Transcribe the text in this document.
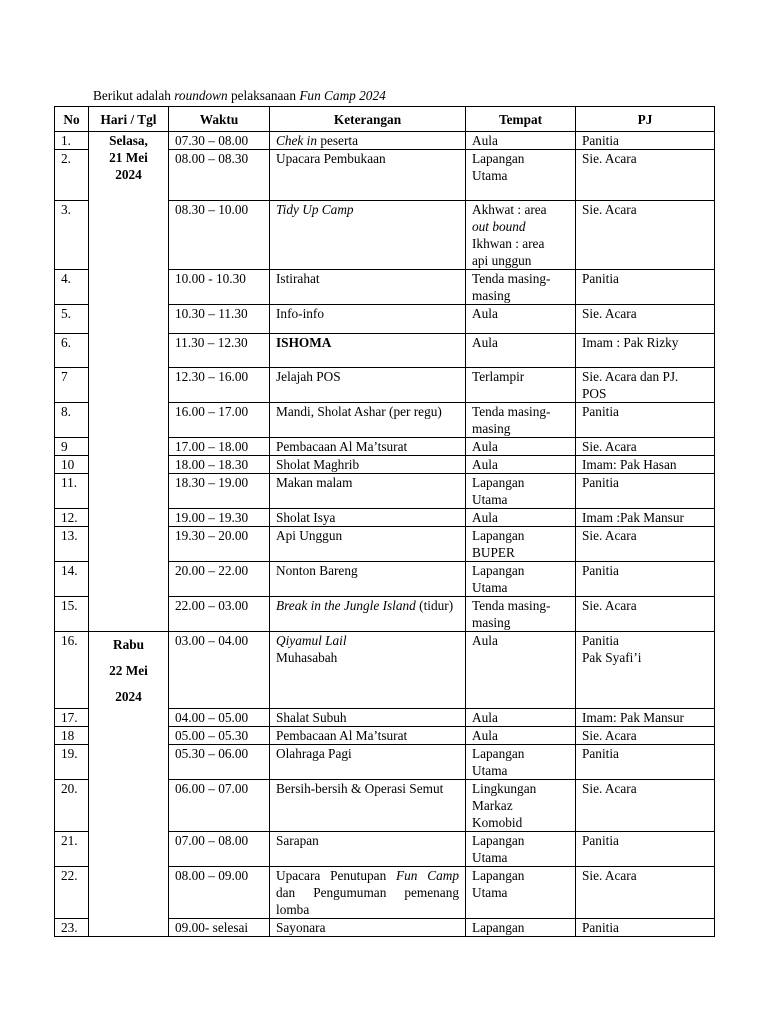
Berikut adalah roundown pelaksanaan Fun Camp 2024
No	Hari / Tgl	Waktu	Keterangan	Tempat	PJ
1.	Selasa,
21 Mei
2024	07.30 – 08.00	Chek in peserta	Aula	Panitia
2.		08.00 – 08.30	Upacara Pembukaan	Lapangan
Utama	Sie. Acara
3.		08.30 – 10.00	Tidy Up Camp	Akhwat : area
out bound
Ikhwan : area
api unggun	Sie. Acara
4.		10.00 - 10.30	Istirahat	Tenda masing-
masing	Panitia
5.		10.30 – 11.30	Info-info	Aula	Sie. Acara
6.		11.30 – 12.30	ISHOMA	Aula	Imam : Pak Rizky
7		12.30 – 16.00	Jelajah POS	Terlampir	Sie. Acara dan PJ.
POS
8.		16.00 – 17.00	Mandi, Sholat Ashar (per regu)	Tenda masing-
masing	Panitia
9		17.00 – 18.00	Pembacaan Al Ma’tsurat	Aula	Sie. Acara
10		18.00 – 18.30	Sholat Maghrib	Aula	Imam: Pak Hasan
11.		18.30 – 19.00	Makan malam	Lapangan
Utama	Panitia
12.		19.00 – 19.30	Sholat Isya	Aula	Imam :Pak Mansur
13.		19.30 – 20.00	Api Unggun	Lapangan
BUPER	Sie. Acara
14.		20.00 – 22.00	Nonton Bareng	Lapangan
Utama	Panitia
15.		22.00 – 03.00	Break in the Jungle Island (tidur)	Tenda masing-
masing	Sie. Acara
16.	Rabu
22 Mei
2024	03.00 – 04.00	Qiyamul Lail
Muhasabah	Aula	Panitia
Pak Syafi’i
17.		04.00 – 05.00	Shalat Subuh	Aula	Imam: Pak Mansur
18		05.00 – 05.30	Pembacaan Al Ma’tsurat	Aula	Sie. Acara
19.		05.30 – 06.00	Olahraga Pagi	Lapangan
Utama	Panitia
20.		06.00 – 07.00	Bersih-bersih & Operasi Semut	Lingkungan
Markaz
Komobid	Sie. Acara
21.		07.00 – 08.00	Sarapan	Lapangan
Utama	Panitia
22.		08.00 – 09.00	Upacara Penutupan Fun Camp dan Pengumuman pemenang lomba	Lapangan
Utama	Sie. Acara
23.		09.00- selesai	Sayonara	Lapangan	Panitia
